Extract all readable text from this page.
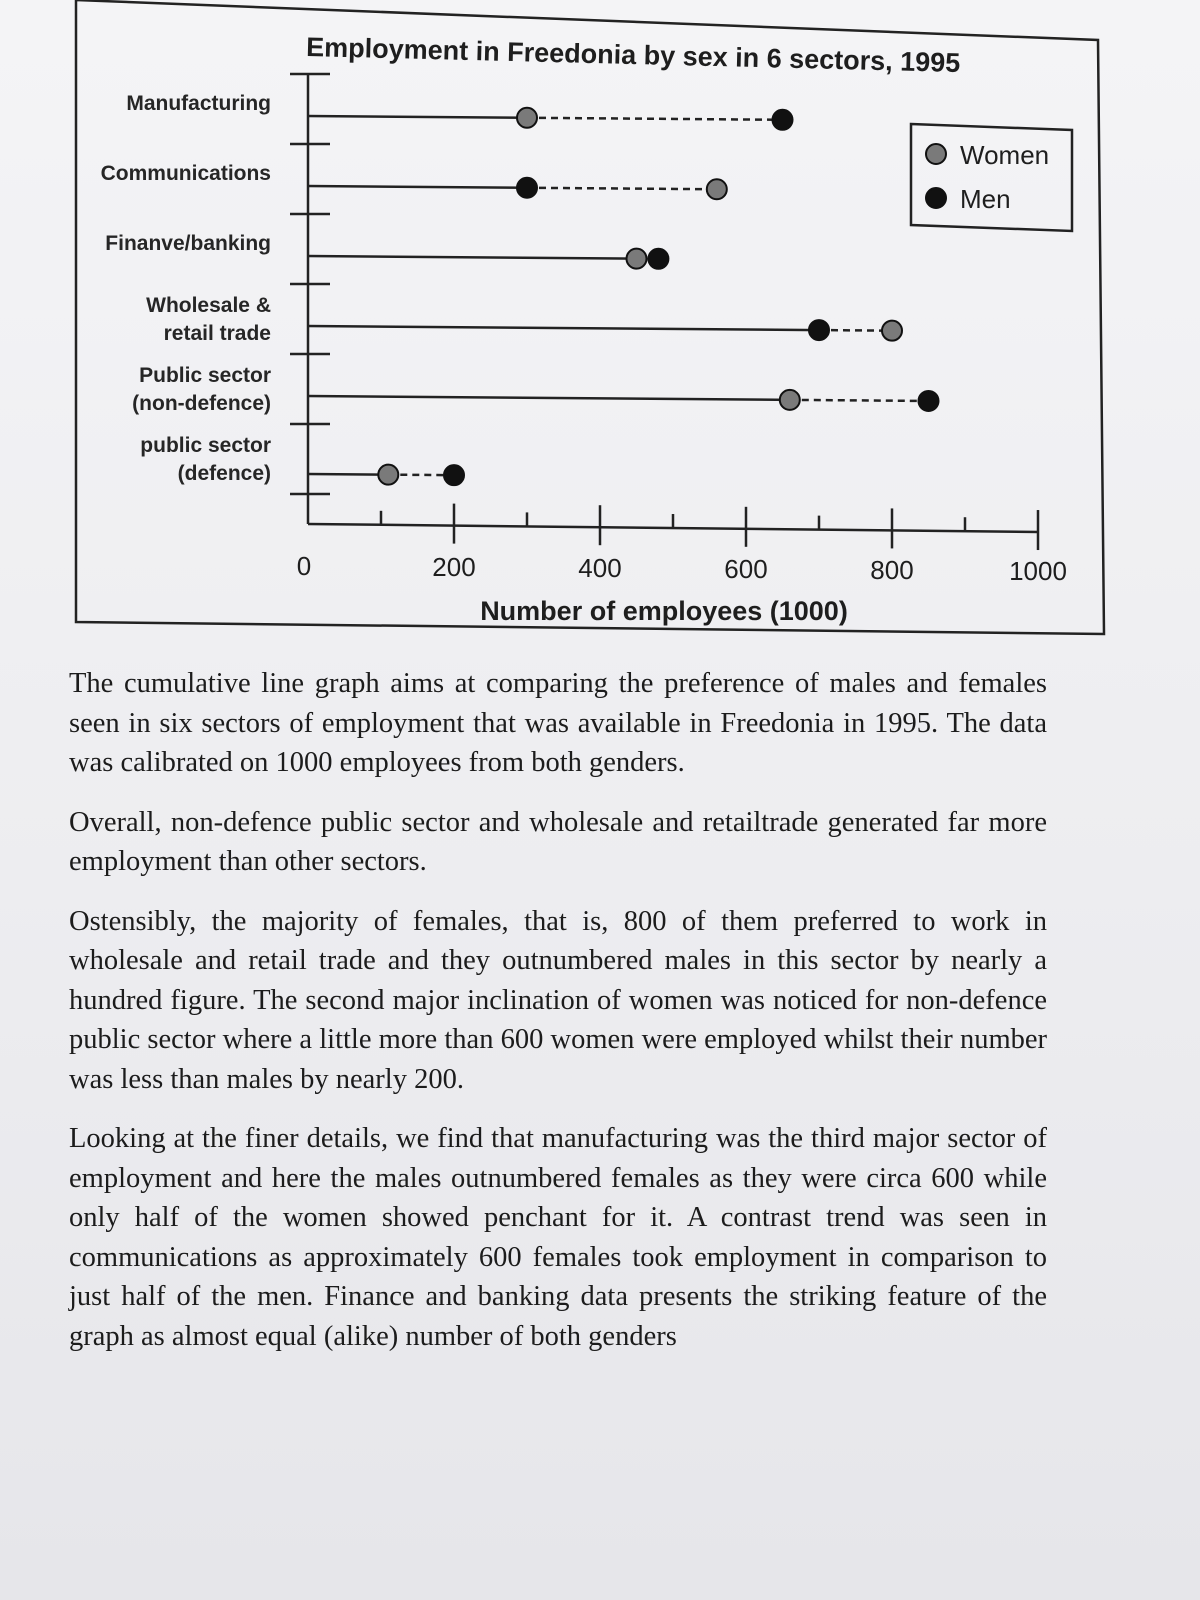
Employment in Freedonia by sex in 6 sectors, 1995
Number of employees (1000)
Women
Men
0	200	400	600	800	1000
Manufacturing
Communications
Finanve/banking
Wholesale & retail trade
Public sector (non-defence)
public sector (defence)

The cumulative line graph aims at comparing the preference of males and females seen in six sectors of employment that was available in Freedonia in 1995. The data was calibrated on 1000 employees from both genders.

Overall, non-defence public sector and wholesale and retailtrade generated far more employment than other sectors.

Ostensibly, the majority of females, that is, 800 of them preferred to work in wholesale and retail trade and they outnumbered males in this sector by nearly a hundred figure. The second major inclination of women was noticed for non-defence public sector where a little more than 600 women were employed whilst their number was less than males by nearly 200.

Looking at the finer details, we find that manufacturing was the third major sector of employment and here the males outnumbered females as they were circa 600 while only half of the women showed penchant for it. A contrast trend was seen in communications as approximately 600 females took employment in comparison to just half of the men. Finance and banking data presents the striking feature of the graph as almost equal (alike) number of both genders
